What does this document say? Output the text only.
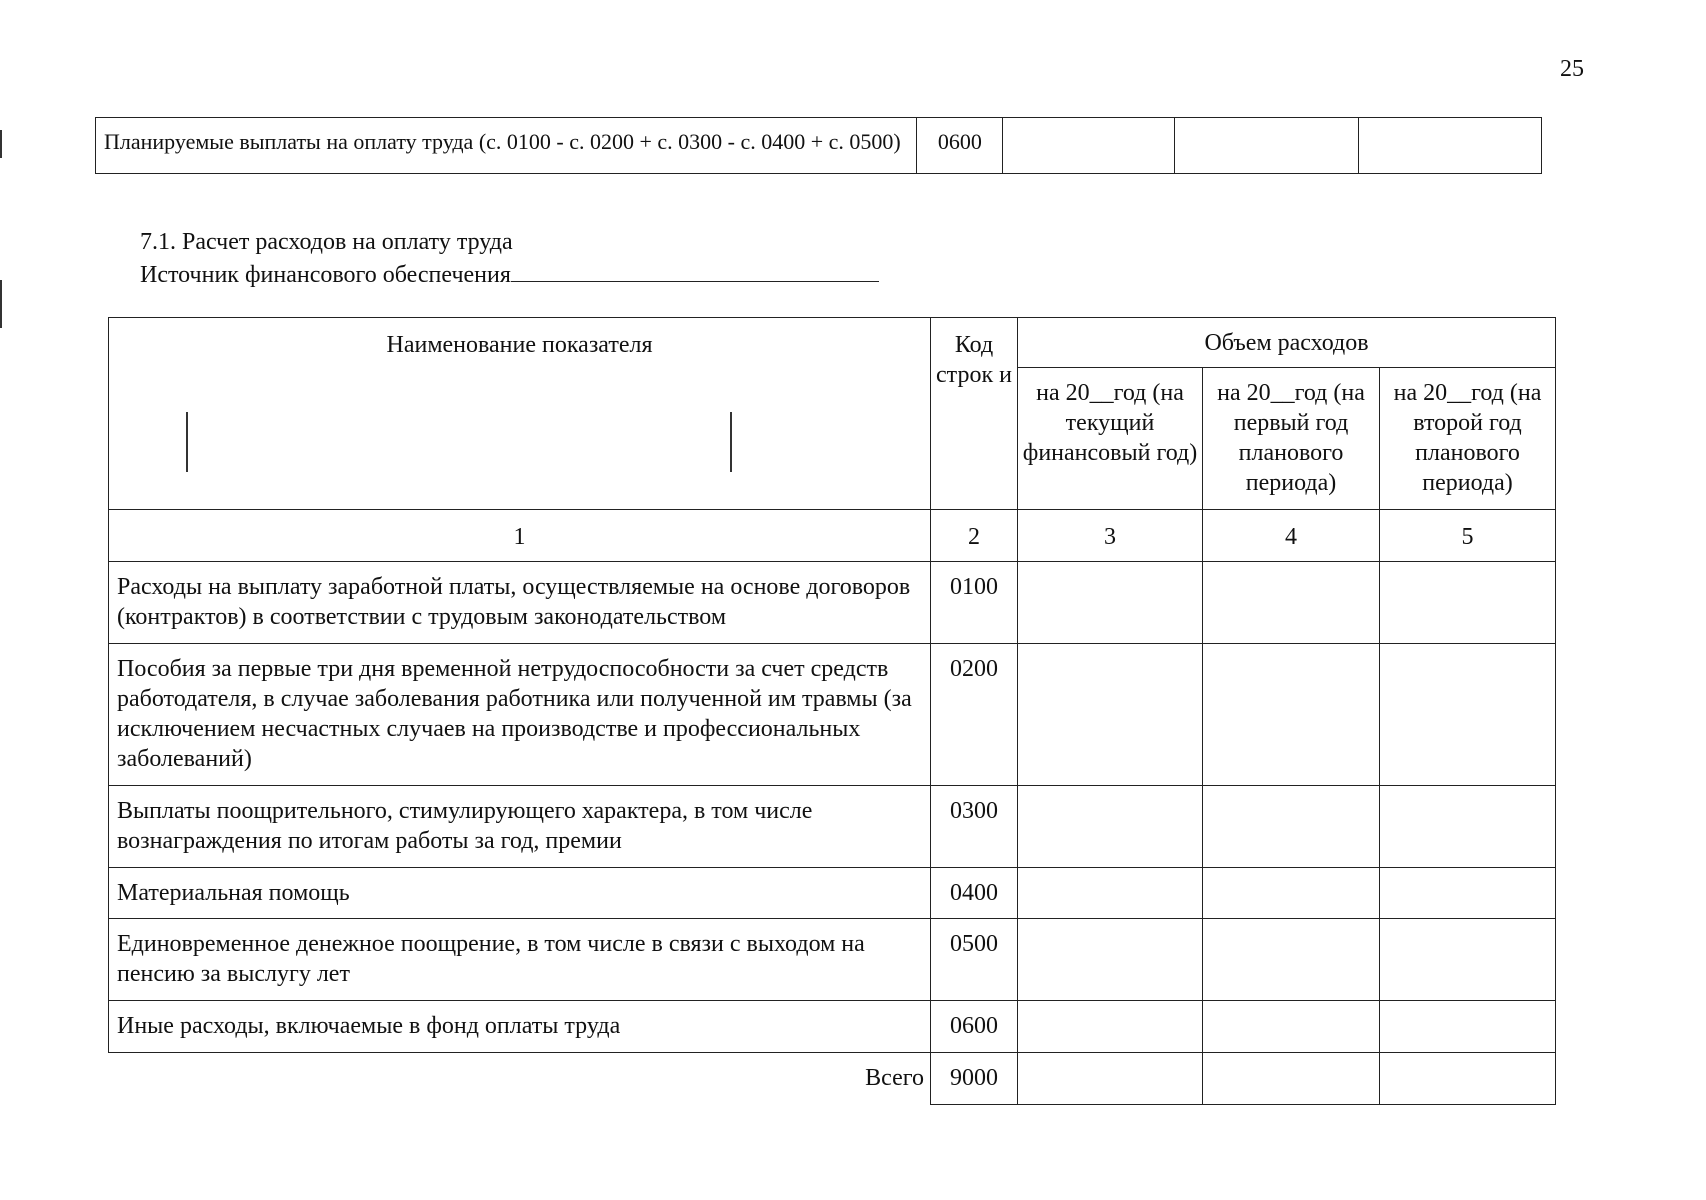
25
Планируемые выплаты на оплату труда (с. 0100 - с. 0200 + с. 0300 - с. 0400 + с. 0500)	0600			
7.1. Расчет расходов на оплату труда
Источник финансового обеспечения
Наименование показателя	Код строк и	Объем расходов		
		на 20__год (на текущий финансовый год)	на 20__год (на первый год планового периода)	на 20__год (на второй год планового периода)
1	2	3	4	5
Расходы на выплату заработной платы, осуществляемые на основе договоров (контрактов) в соответствии с трудовым законодательством	0100			
Пособия за первые три дня временной нетрудоспособности за счет средств работодателя, в случае заболевания работника или полученной им травмы (за исключением несчастных случаев на производстве и профессиональных заболеваний)	0200			
Выплаты поощрительного, стимулирующего характера, в том числе вознаграждения по итогам работы за год, премии	0300			
Материальная помощь	0400			
Единовременное денежное поощрение, в том числе в связи с выходом на пенсию за выслугу лет	0500			
Иные расходы, включаемые в фонд оплаты труда	0600			
Всего	9000			
